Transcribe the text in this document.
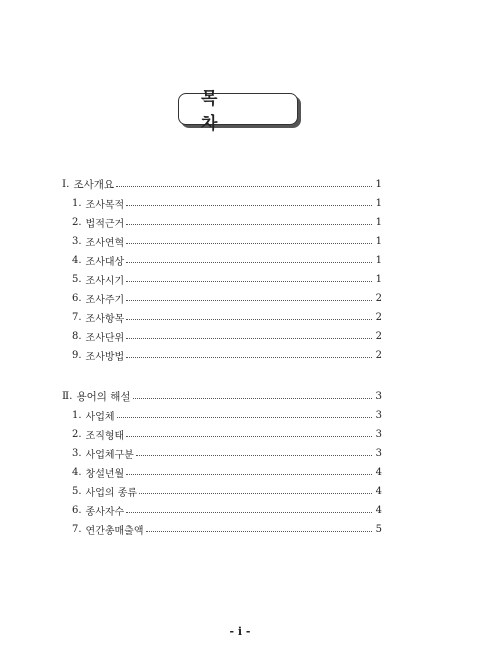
목 차
Ⅰ. 조사개요	1
1. 조사목적	1
2. 법적근거	1
3. 조사연혁	1
4. 조사대상	1
5. 조사시기	1
6. 조사주기	2
7. 조사항목	2
8. 조사단위	2
9. 조사방법	2
Ⅱ. 용어의 해설	3
1. 사업체	3
2. 조직형태	3
3. 사업체구분	3
4. 창설년월	4
5. 사업의 종류	4
6. 종사자수	4
7. 연간총매출액	5
- i -
